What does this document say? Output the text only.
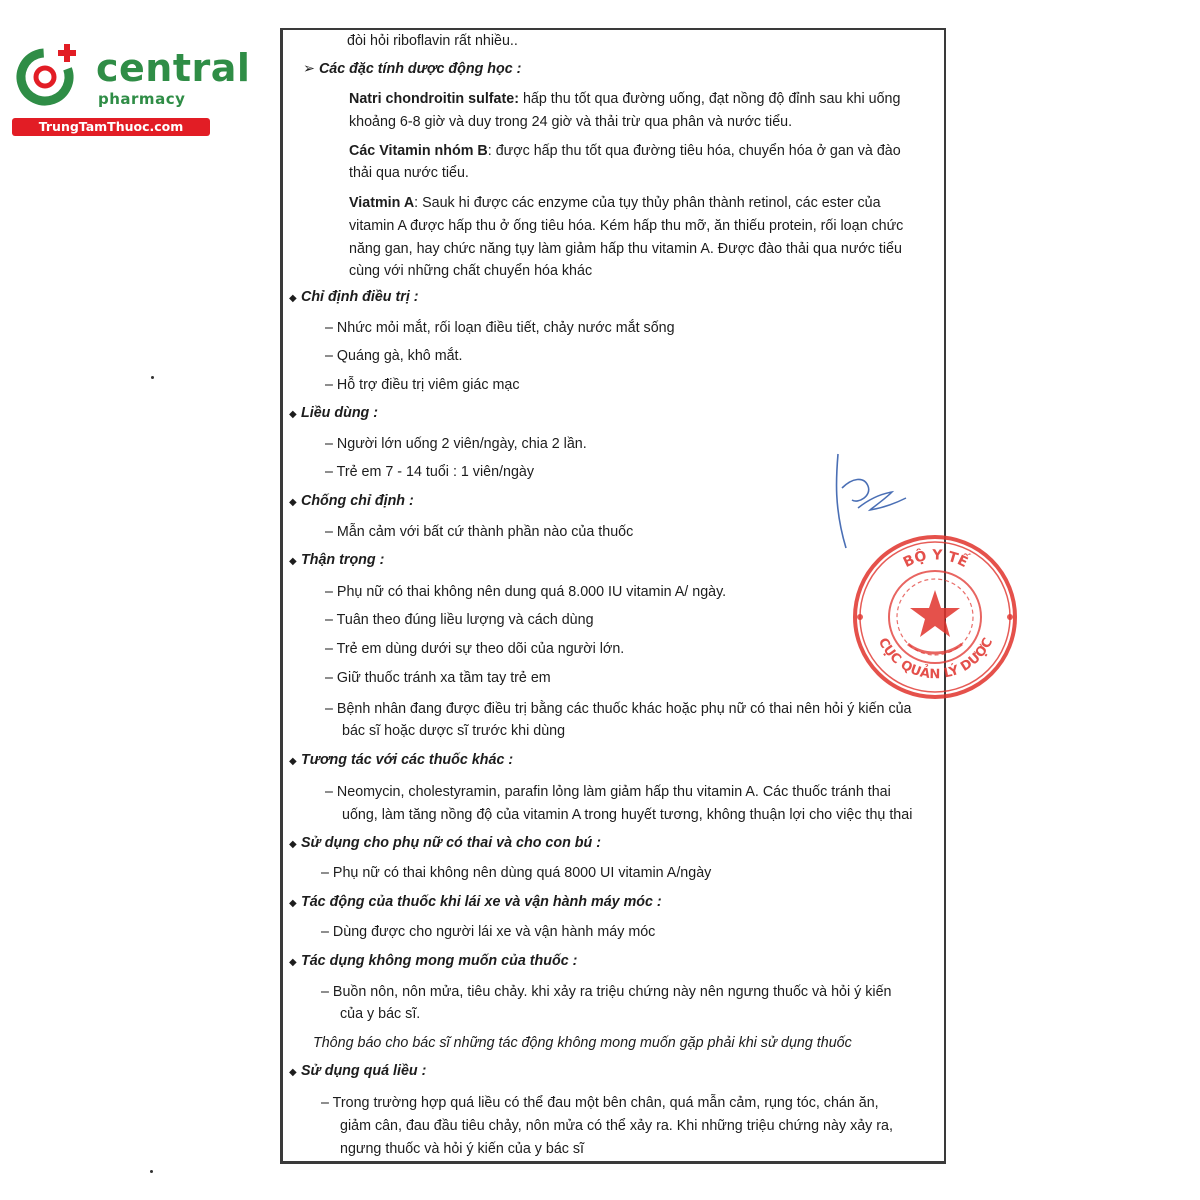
central
pharmacy
TrungTamThuoc.com
đòi hỏi riboflavin rất nhiều..
➢ Các đặc tính dược động học :
Natri chondroitin sulfate: hấp thu tốt qua đường uống, đạt nồng độ đỉnh sau khi uống
khoảng 6-8 giờ và duy trong 24 giờ và thải trừ qua phân và nước tiểu.
Các Vitamin nhóm B: được hấp thu tốt qua đường tiêu hóa, chuyển hóa ở gan và đào
thải qua nước tiểu.
Viatmin A: Sauk hi được các enzyme của tụy thủy phân thành retinol, các ester của
vitamin A được hấp thu ở ống tiêu hóa. Kém hấp thu mỡ, ăn thiếu protein, rối loạn chức
năng gan, hay chức năng tụy làm giảm hấp thu vitamin A. Được đào thải qua nước tiểu
cùng với những chất chuyển hóa khác
◆ Chỉ định điều trị :
– Nhức mỏi mắt, rối loạn điều tiết, chảy nước mắt sống
– Quáng gà, khô mắt.
– Hỗ trợ điều trị viêm giác mạc
◆ Liều dùng :
– Người lớn uống 2 viên/ngày, chia 2 lần.
– Trẻ em 7 - 14 tuổi : 1 viên/ngày
◆ Chống chỉ định :
– Mẫn cảm với bất cứ thành phần nào của thuốc
◆ Thận trọng :
– Phụ nữ có thai không nên dung quá 8.000 IU vitamin A/ ngày.
– Tuân theo đúng liều lượng và cách dùng
– Trẻ em dùng dưới sự theo dõi của người lớn.
– Giữ thuốc tránh xa tầm tay trẻ em
– Bệnh nhân đang được điều trị bằng các thuốc khác hoặc phụ nữ có thai nên hỏi ý kiến của
bác sĩ hoặc dược sĩ trước khi dùng
◆ Tương tác với các thuốc khác :
– Neomycin, cholestyramin, parafin lỏng làm giảm hấp thu vitamin A. Các thuốc tránh thai
uống, làm tăng nồng độ của vitamin A trong huyết tương, không thuận lợi cho việc thụ thai
◆ Sử dụng cho phụ nữ có thai và cho con bú :
– Phụ nữ có thai không nên dùng quá 8000 UI vitamin A/ngày
◆ Tác động của thuốc khi lái xe và vận hành máy móc :
– Dùng được cho người lái xe và vận hành máy móc
◆ Tác dụng không mong muốn của thuốc :
– Buồn nôn, nôn mửa, tiêu chảy. khi xảy ra triệu chứng này nên ngưng thuốc và hỏi ý kiến
của y bác sĩ.
Thông báo cho bác sĩ những tác động không mong muốn gặp phải khi sử dụng thuốc
◆ Sử dụng quá liều :
– Trong trường hợp quá liều có thể đau một bên chân, quá mẫn cảm, rụng tóc, chán ăn,
giảm cân, đau đầu tiêu chảy, nôn mửa có thể xảy ra. Khi những triệu chứng này xảy ra,
ngưng thuốc và hỏi ý kiến của y bác sĩ
BỘ Y TẾ
CỤC QUẢN LÝ DƯỢC
